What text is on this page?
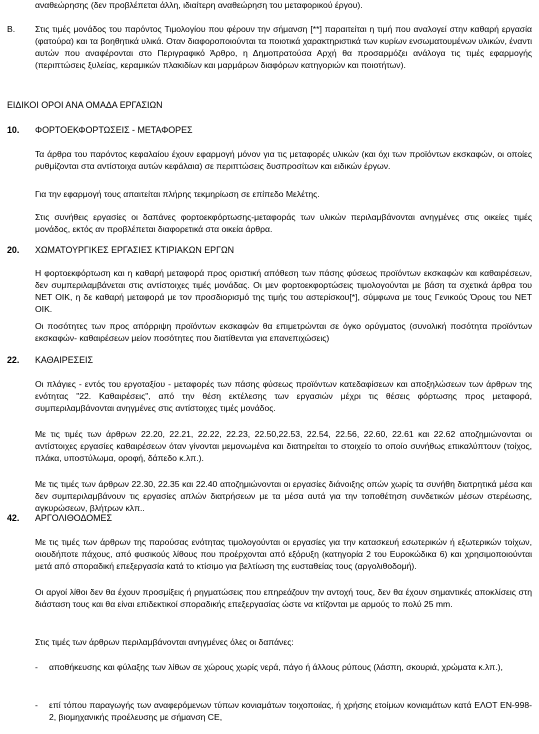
αναθεώρησης (δεν προβλέπεται άλλη, ιδιαίτερη αναθεώρηση του μεταφορικού έργου).
Β. Στις τιμές μονάδος του παρόντος Τιμολογίου που φέρουν την σήμανση [**] παραιτείται η τιμή που αναλογεί στην καθαρή εργασία (φατούρα) και τα βοηθητικά υλικά. Οταν διαφοροποιούνται τα ποιοτικά χαρακτηριστικά των κυρίων ενσωματουμένων υλικών, έναντι αυτών που αναφέρονται στο Περιγραφικό Άρθρο, η Δημοπρατούσα Αρχή θα προσαρμόζει ανάλογα τις τιμές εφαρμογής (περιπτώσεις ξυλείας, κεραμικών πλακιδίων και μαρμάρων διαφόρων κατηγοριών και ποιοτήτων).
ΕΙΔΙΚΟΙ ΟΡΟΙ ΑΝΑ ΟΜΑΔΑ ΕΡΓΑΣΙΩΝ
10. ΦΟΡΤΟΕΚΦΟΡΤΩΣΕΙΣ - ΜΕΤΑΦΟΡΕΣ
Τα άρθρα του παρόντος κεφαλαίου έχουν εφαρμογή μόνον για τις μεταφορές υλικών (και όχι των προϊόντων εκσκαφών, οι οποίες ρυθμίζονται στα αντίστοιχα αυτών κεφάλαια) σε περιπτώσεις δυσπροσίτων και ειδικών έργων.
Για την εφαρμογή τους απαιτείται πλήρης τεκμηρίωση σε επίπεδο Μελέτης.
Στις συνήθεις εργασίες οι δαπάνες φορτοεκφόρτωσης-μεταφοράς των υλικών περιλαμβάνονται ανηγμένες στις οικείες τιμές μονάδος, εκτός αν προβλέπεται διαφορετικά στα οικεία άρθρα.
20. ΧΩΜΑΤΟΥΡΓΙΚΕΣ ΕΡΓΑΣΙΕΣ ΚΤΙΡΙΑΚΩΝ ΕΡΓΩΝ
Η φορτοεκφόρτωση και η καθαρή μεταφορά προς οριστική απόθεση των πάσης φύσεως προϊόντων εκσκαφών και καθαιρέσεων, δεν συμπεριλαμβάνεται στις αντίστοιχες τιμές μονάδας. Οι μεν φορτοεκφορτώσεις τιμολογούνται με βάση τα σχετικά άρθρα του ΝΕΤ ΟΙΚ, η δε καθαρή μεταφορά με τον προσδιορισμό της τιμής του αστερίσκου[*], σύμφωνα με τους Γενικούς Όρους του ΝΕΤ ΟΙΚ.
Οι ποσότητες των προς απόρριψη προϊόντων εκσκαφών θα επιμετρώνται σε όγκο ορύγματος (συνολική ποσότητα προϊόντων εκσκαφών- καθαιρέσεων μείον ποσότητες που διατίθενται για επανεπιχώσεις)
22. ΚΑΘΑΙΡΕΣΕΙΣ
Οι πλάγιες - εντός του εργοταξίου - μεταφορές των πάσης φύσεως προϊόντων κατεδαφίσεων και αποξηλώσεων των άρθρων της ενότητας "22. Καθαιρέσεις", από την θέση εκτέλεσης των εργασιών μέχρι τις θέσεις φόρτωσης προς μεταφορά, συμπεριλαμβάνονται ανηγμένες στις αντίστοιχες τιμές μονάδος.
Με τις τιμές των άρθρων 22.20, 22.21, 22.22, 22.23, 22.50,22.53, 22.54, 22.56, 22.60, 22.61 και 22.62 αποζημιώνονται οι αντίστοιχες εργασίες καθαιρέσεων όταν γίνονται μεμονωμένα και διατηρείται το στοιχείο το οποίο συνήθως επικαλύπτουν (τοίχος, πλάκα, υποστύλωμα, οροφή, δάπεδο κ.λπ.).
Με τις τιμές των άρθρων 22.30, 22.35 και 22.40 αποζημιώνονται οι εργασίες διάνοιξης οπών χωρίς τα συνήθη διατρητικά μέσα και δεν συμπεριλαμβάνουν τις εργασίες απλών διατρήσεων με τα μέσα αυτά για την τοποθέτηση συνδετικών μέσων στερέωσης, αγκυρώσεων, βλήτρων κλπ..
42. ΑΡΓΟΛΙΘΟΔΟΜΕΣ
Με τις τιμές των άρθρων της παρούσας ενότητας τιμολογούνται οι εργασίες για την κατασκευή εσωτερικών ή εξωτερικών τοίχων, οιουδήποτε πάχους, από φυσικούς λίθους που προέρχονται από εξόρυξη (κατηγορία 2 του Ευροκώδικα 6) και χρησιμοποιούνται μετά από σποραδική επεξεργασία κατά το κτίσιμο για βελτίωση της ευσταθείας τους (αργολιθοδομή).
Οι αργοί λίθοι δεν θα έχουν προσμίξεις ή ρηγματώσεις που επηρεάζουν την αντοχή τους, δεν θα έχουν σημαντικές αποκλίσεις στη διάσταση τους και θα είναι επιδεκτικοί σποραδικής επεξεργασίας ώστε να κτίζονται με αρμούς το πολύ 25 mm.
Στις τιμές των άρθρων περιλαμβάνονται ανηγμένες όλες οι δαπάνες:
- αποθήκευσης και φύλαξης των λίθων σε χώρους χωρίς νερά, πάγο ή άλλους ρύπους (λάσπη, σκουριά, χρώματα κ.λπ.),
- επί τόπου παραγωγής των αναφερόμενων τύπων κονιαμάτων τοιχοποιίας, ή χρήσης ετοίμων κονιαμάτων κατά ΕΛΟΤ ΕΝ-998-2, βιομηχανικής προέλευσης με σήμανση CE,
